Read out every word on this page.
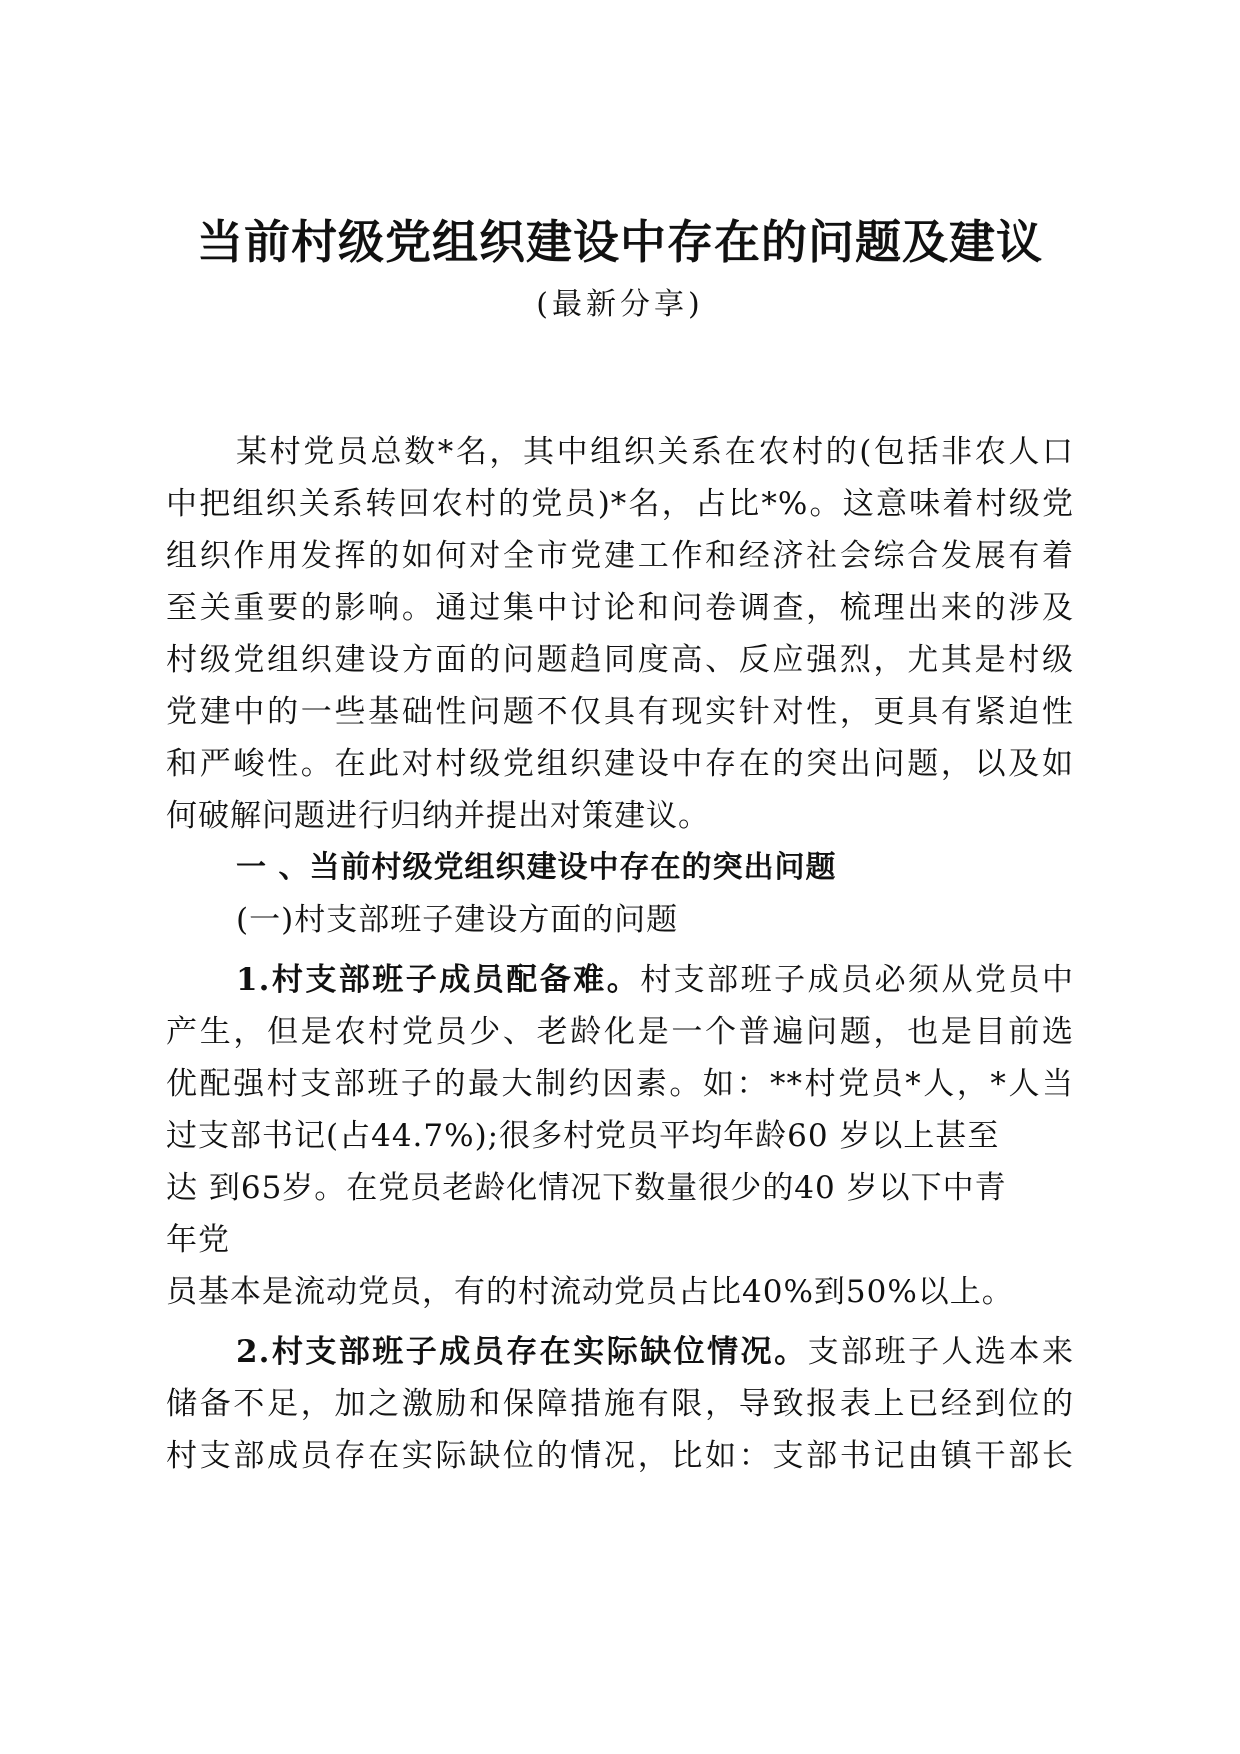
当前村级党组织建设中存在的问题及建议
(最新分享)
某村党员总数*名，其中组织关系在农村的(包括非农人口
中把组织关系转回农村的党员)*名，占比*%。这意味着村级党
组织作用发挥的如何对全市党建工作和经济社会综合发展有着
至关重要的影响。通过集中讨论和问卷调查，梳理出来的涉及
村级党组织建设方面的问题趋同度高、反应强烈，尤其是村级
党建中的一些基础性问题不仅具有现实针对性，更具有紧迫性
和严峻性。在此对村级党组织建设中存在的突出问题，以及如
何破解问题进行归纳并提出对策建议。
一 、当前村级党组织建设中存在的突出问题
(一)村支部班子建设方面的问题
1.村支部班子成员配备难。村支部班子成员必须从党员中
产生，但是农村党员少、老龄化是一个普遍问题，也是目前选
优配强村支部班子的最大制约因素。如：**村党员*人，*人当
过支部书记(占44.7%);很多村党员平均年龄60 岁以上甚至
达 到65岁。在党员老龄化情况下数量很少的40 岁以下中青
年党
员基本是流动党员，有的村流动党员占比40%到50%以上。
2.村支部班子成员存在实际缺位情况。支部班子人选本来
储备不足，加之激励和保障措施有限，导致报表上已经到位的
村支部成员存在实际缺位的情况，比如：支部书记由镇干部长
